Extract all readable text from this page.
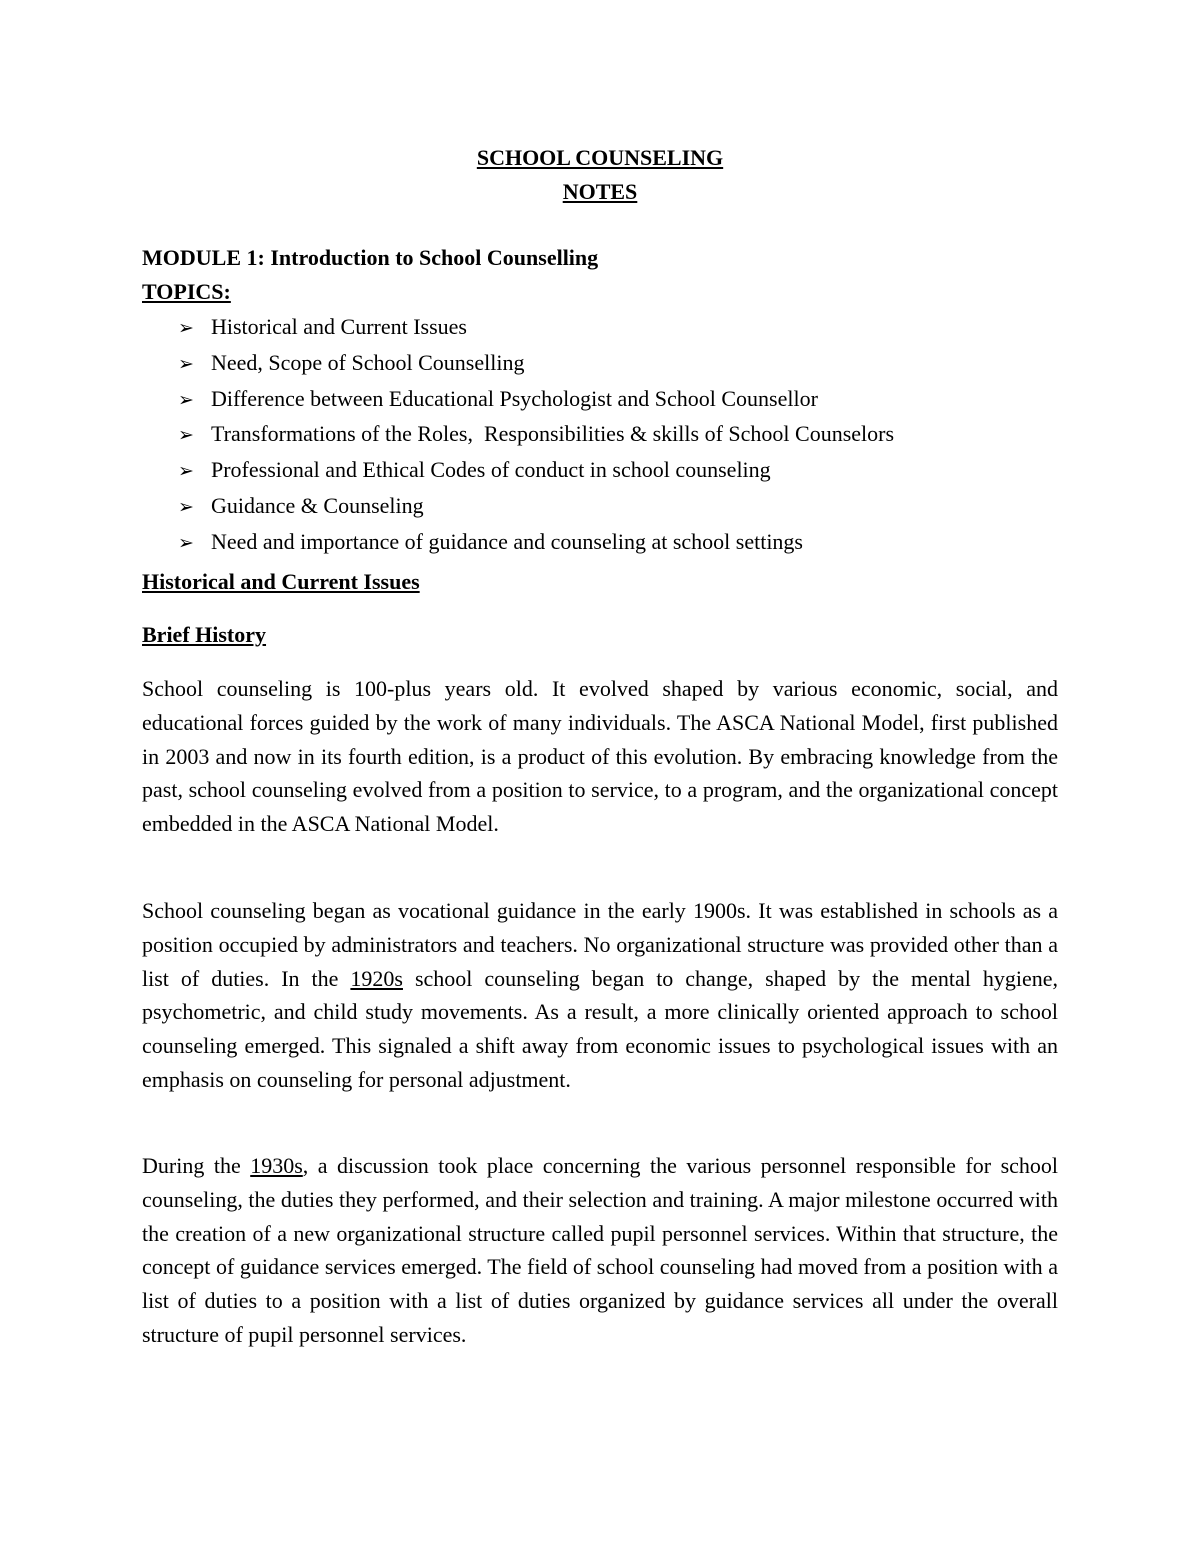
SCHOOL COUNSELING
NOTES
MODULE 1: Introduction to School Counselling
TOPICS:
➢ Historical and Current Issues
➢ Need, Scope of School Counselling
➢ Difference between Educational Psychologist and School Counsellor
➢ Transformations of the Roles,  Responsibilities & skills of School Counselors
➢ Professional and Ethical Codes of conduct in school counseling
➢ Guidance & Counseling
➢ Need and importance of guidance and counseling at school settings
Historical and Current Issues
Brief History

School counseling is 100-plus years old. It evolved shaped by various economic, social, and educational forces guided by the work of many individuals. The ASCA National Model, first published in 2003 and now in its fourth edition, is a product of this evolution. By embracing knowledge from the past, school counseling evolved from a position to service, to a program, and the organizational concept embedded in the ASCA National Model.

School counseling began as vocational guidance in the early 1900s. It was established in schools as a position occupied by administrators and teachers. No organizational structure was provided other than a list of duties. In the 1920s school counseling began to change, shaped by the mental hygiene, psychometric, and child study movements. As a result, a more clinically oriented approach to school counseling emerged. This signaled a shift away from economic issues to psychological issues with an emphasis on counseling for personal adjustment.

During the 1930s, a discussion took place concerning the various personnel responsible for school counseling, the duties they performed, and their selection and training. A major milestone occurred with the creation of a new organizational structure called pupil personnel services. Within that structure, the concept of guidance services emerged. The field of school counseling had moved from a position with a list of duties to a position with a list of duties organized by guidance services all under the overall structure of pupil personnel services.
